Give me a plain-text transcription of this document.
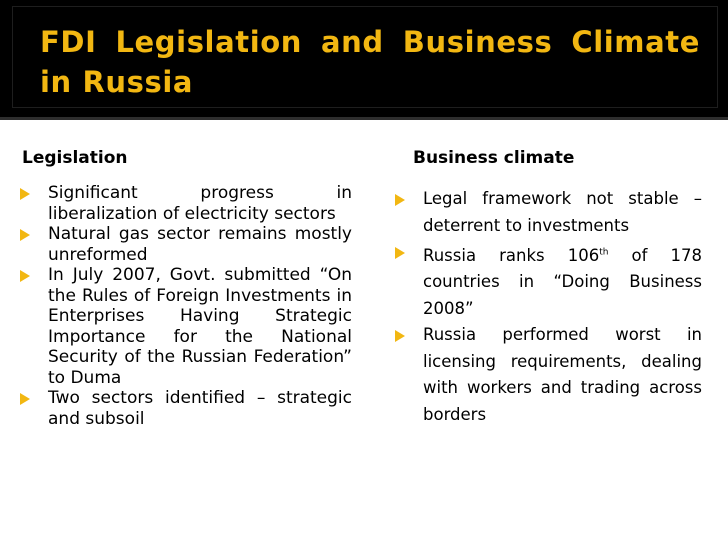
FDI Legislation and Business Climate in Russia
Legislation	Business climate
Significant progress in liberalization of electricity sectors
Natural gas sector remains mostly unreformed
In July 2007, Govt. submitted “On the Rules of Foreign Investments in Enterprises Having Strategic Importance for the National Security of the Russian Federation” to Duma
Two sectors identified – strategic and subsoil
Legal framework not stable – deterrent to investments
Russia ranks 106th of 178 countries in “Doing Business 2008”
Russia performed worst in licensing requirements, dealing with workers and trading across borders
